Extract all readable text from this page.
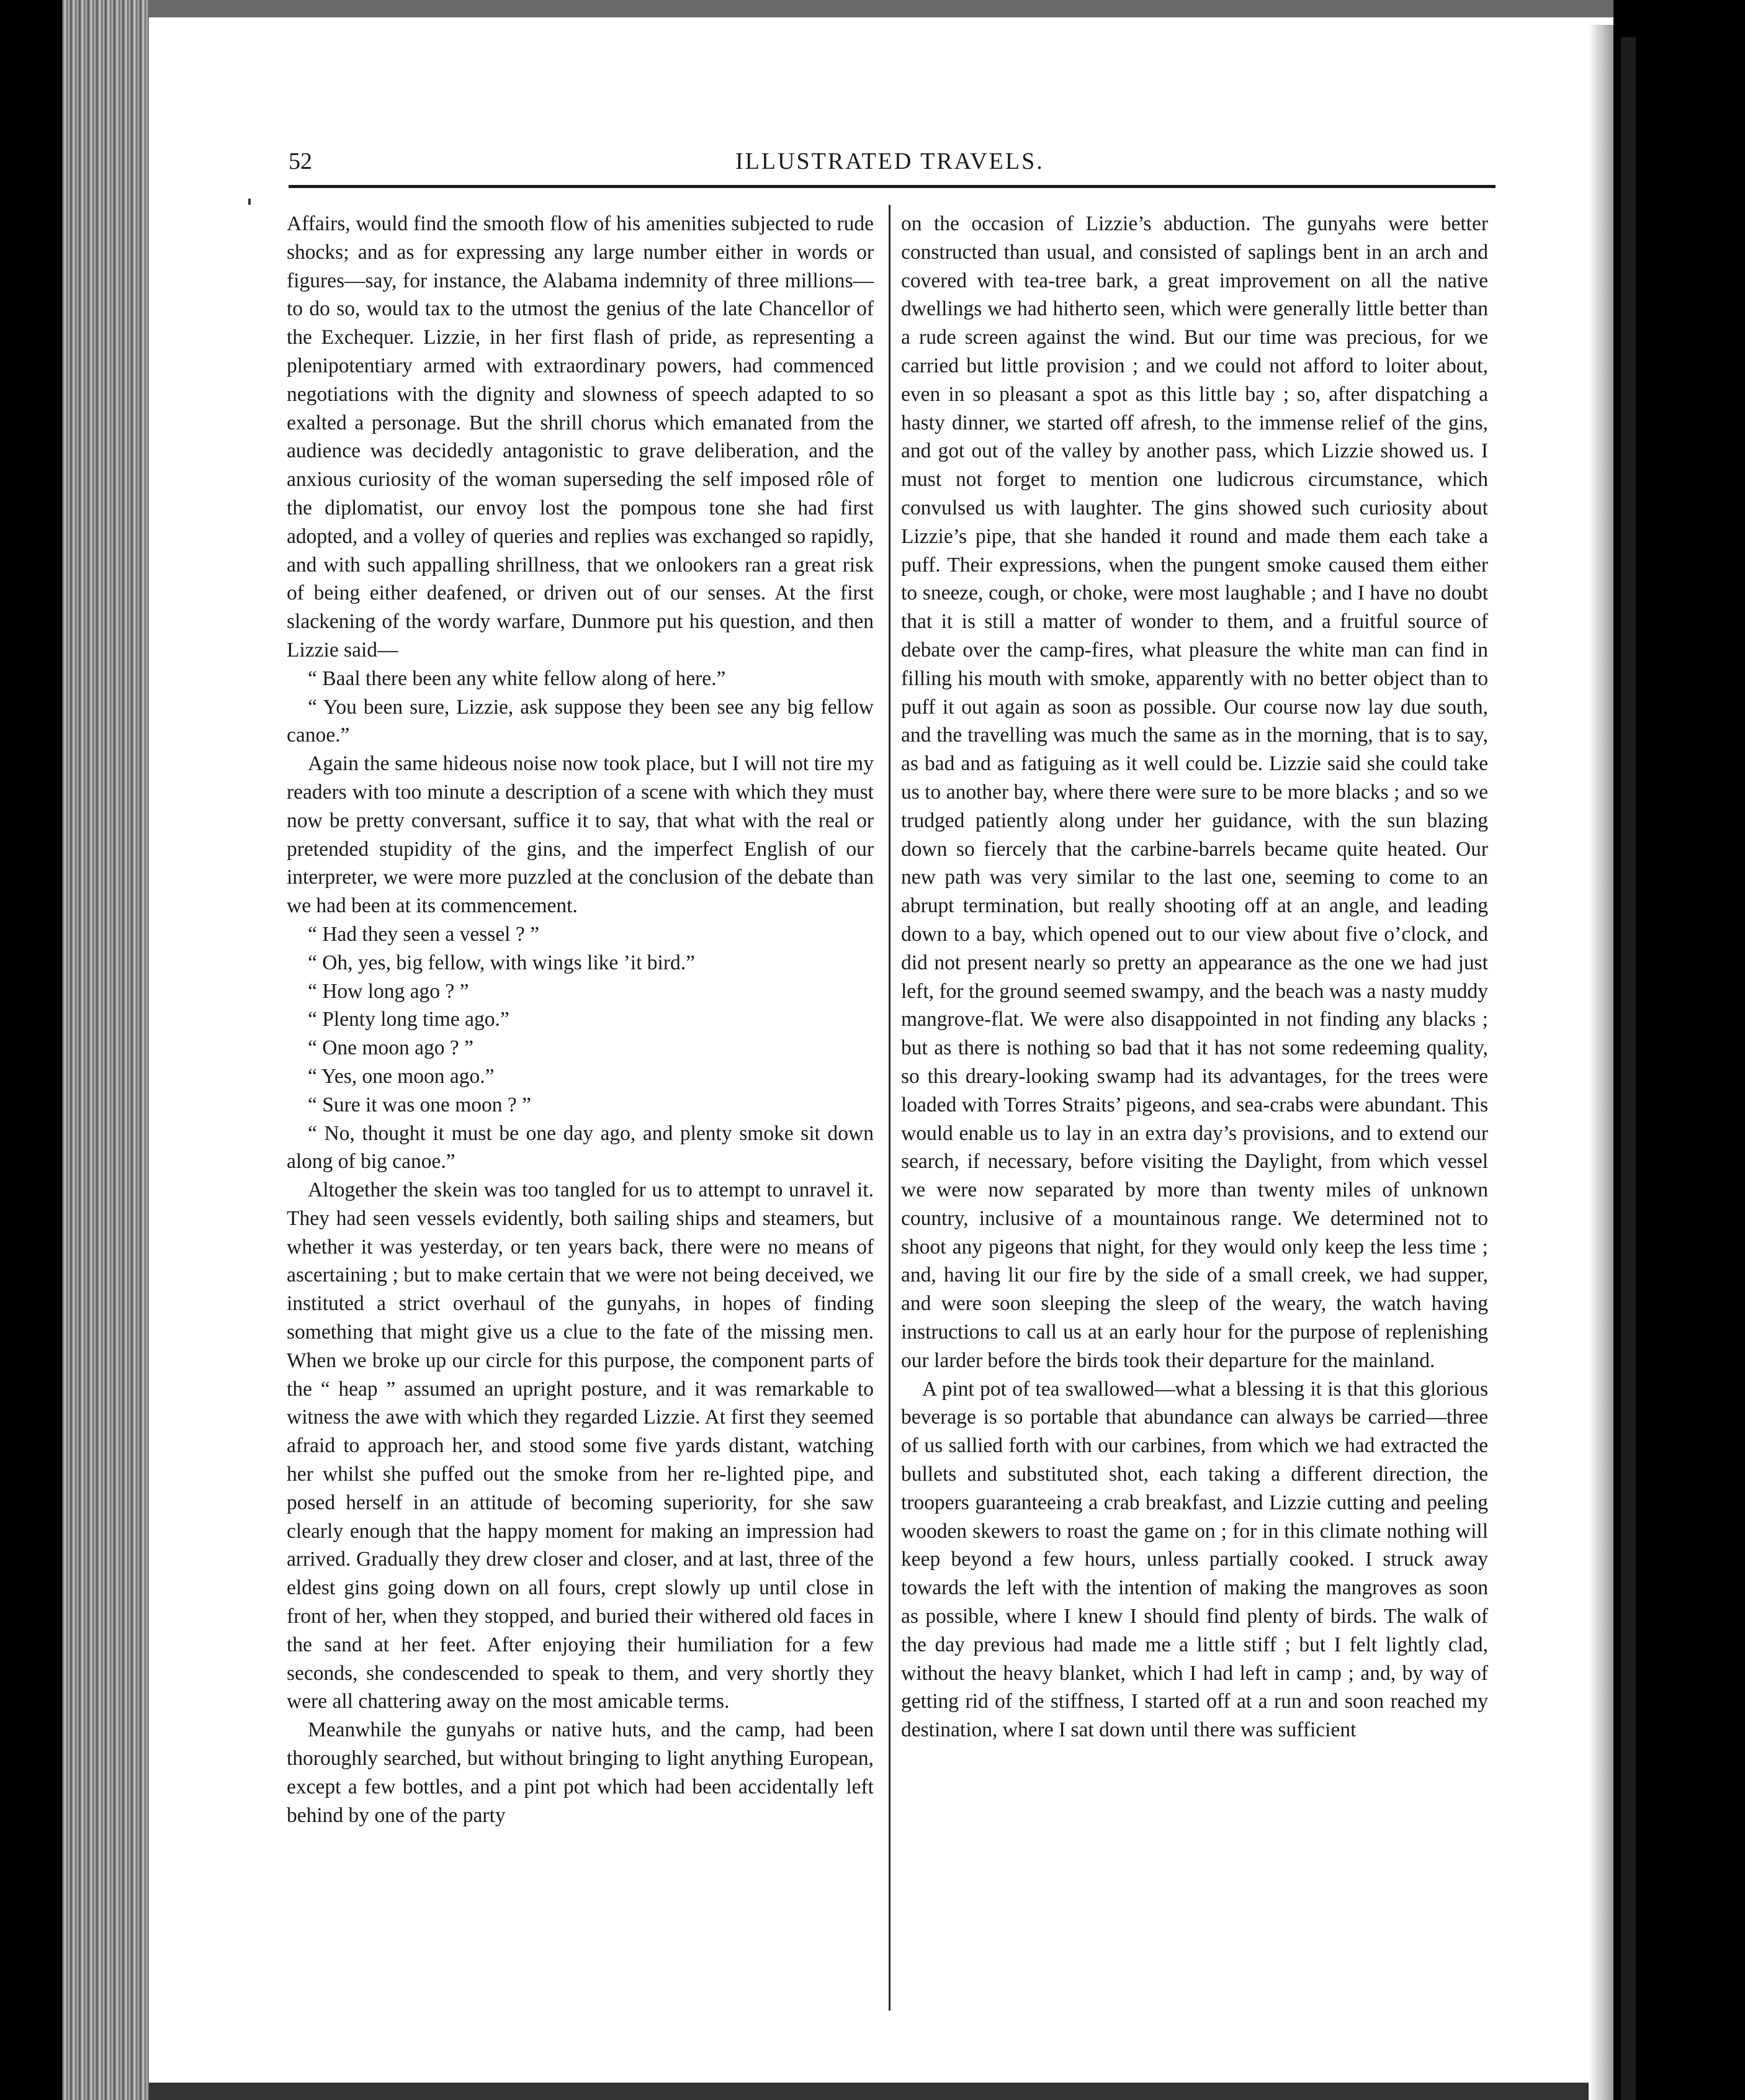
52	ILLUSTRATED TRAVELS.

Affairs, would find the smooth flow of his amenities subjected to rude shocks; and as for expressing any large number either in words or figures—say, for instance, the Alabama indemnity of three millions—to do so, would tax to the utmost the genius of the late Chancellor of the Exchequer. Lizzie, in her first flash of pride, as representing a plenipotentiary armed with extraordinary powers, had commenced negotiations with the dignity and slowness of speech adapted to so exalted a personage. But the shrill chorus which emanated from the audience was decidedly antagonistic to grave deliberation, and the anxious curiosity of the woman superseding the self imposed rôle of the diplomatist, our envoy lost the pompous tone she had first adopted, and a volley of queries and replies was exchanged so rapidly, and with such appalling shrillness, that we onlookers ran a great risk of being either deafened, or driven out of our senses. At the first slackening of the wordy warfare, Dunmore put his question, and then Lizzie said—

“ Baal there been any white fellow along of here.”

“ You been sure, Lizzie, ask suppose they been see any big fellow canoe.”

Again the same hideous noise now took place, but I will not tire my readers with too minute a description of a scene with which they must now be pretty conversant, suffice it to say, that what with the real or pretended stupidity of the gins, and the imperfect English of our interpreter, we were more puzzled at the conclusion of the debate than we had been at its commencement.

“ Had they seen a vessel ? ”

“ Oh, yes, big fellow, with wings like ’it bird.”

“ How long ago ? ”

“ Plenty long time ago.”

“ One moon ago ? ”

“ Yes, one moon ago.”

“ Sure it was one moon ? ”

“ No, thought it must be one day ago, and plenty smoke sit down along of big canoe.”

Altogether the skein was too tangled for us to attempt to unravel it. They had seen vessels evidently, both sailing ships and steamers, but whether it was yesterday, or ten years back, there were no means of ascertaining ; but to make certain that we were not being deceived, we instituted a strict overhaul of the gunyahs, in hopes of finding something that might give us a clue to the fate of the missing men. When we broke up our circle for this purpose, the component parts of the “ heap ” assumed an upright posture, and it was remarkable to witness the awe with which they regarded Lizzie. At first they seemed afraid to approach her, and stood some five yards distant, watching her whilst she puffed out the smoke from her re-lighted pipe, and posed herself in an attitude of becoming superiority, for she saw clearly enough that the happy moment for making an impression had arrived. Gradually they drew closer and closer, and at last, three of the eldest gins going down on all fours, crept slowly up until close in front of her, when they stopped, and buried their withered old faces in the sand at her feet. After enjoying their humiliation for a few seconds, she condescended to speak to them, and very shortly they were all chattering away on the most amicable terms.

Meanwhile the gunyahs or native huts, and the camp, had been thoroughly searched, but without bringing to light anything European, except a few bottles, and a pint pot which had been accidentally left behind by one of the party

on the occasion of Lizzie’s abduction. The gunyahs were better constructed than usual, and consisted of saplings bent in an arch and covered with tea-tree bark, a great improvement on all the native dwellings we had hitherto seen, which were generally little better than a rude screen against the wind. But our time was precious, for we carried but little provision ; and we could not afford to loiter about, even in so pleasant a spot as this little bay ; so, after dispatching a hasty dinner, we started off afresh, to the immense relief of the gins, and got out of the valley by another pass, which Lizzie showed us. I must not forget to mention one ludicrous circumstance, which convulsed us with laughter. The gins showed such curiosity about Lizzie’s pipe, that she handed it round and made them each take a puff. Their expressions, when the pungent smoke caused them either to sneeze, cough, or choke, were most laughable ; and I have no doubt that it is still a matter of wonder to them, and a fruitful source of debate over the camp-fires, what pleasure the white man can find in filling his mouth with smoke, apparently with no better object than to puff it out again as soon as possible. Our course now lay due south, and the travelling was much the same as in the morning, that is to say, as bad and as fatiguing as it well could be. Lizzie said she could take us to another bay, where there were sure to be more blacks ; and so we trudged patiently along under her guidance, with the sun blazing down so fiercely that the carbine-barrels became quite heated. Our new path was very similar to the last one, seeming to come to an abrupt termination, but really shooting off at an angle, and leading down to a bay, which opened out to our view about five o’clock, and did not present nearly so pretty an appearance as the one we had just left, for the ground seemed swampy, and the beach was a nasty muddy mangrove-flat. We were also disappointed in not finding any blacks ; but as there is nothing so bad that it has not some redeeming quality, so this dreary-looking swamp had its advantages, for the trees were loaded with Torres Straits’ pigeons, and sea-crabs were abundant. This would enable us to lay in an extra day’s provisions, and to extend our search, if necessary, before visiting the Daylight, from which vessel we were now separated by more than twenty miles of unknown country, inclusive of a mountainous range. We determined not to shoot any pigeons that night, for they would only keep the less time ; and, having lit our fire by the side of a small creek, we had supper, and were soon sleeping the sleep of the weary, the watch having instructions to call us at an early hour for the purpose of replenishing our larder before the birds took their departure for the mainland.

A pint pot of tea swallowed—what a blessing it is that this glorious beverage is so portable that abundance can always be carried—three of us sallied forth with our carbines, from which we had extracted the bullets and substituted shot, each taking a different direction, the troopers guaranteeing a crab breakfast, and Lizzie cutting and peeling wooden skewers to roast the game on ; for in this climate nothing will keep beyond a few hours, unless partially cooked. I struck away towards the left with the intention of making the mangroves as soon as possible, where I knew I should find plenty of birds. The walk of the day previous had made me a little stiff ; but I felt lightly clad, without the heavy blanket, which I had left in camp ; and, by way of getting rid of the stiffness, I started off at a run and soon reached my destination, where I sat down until there was sufficient
